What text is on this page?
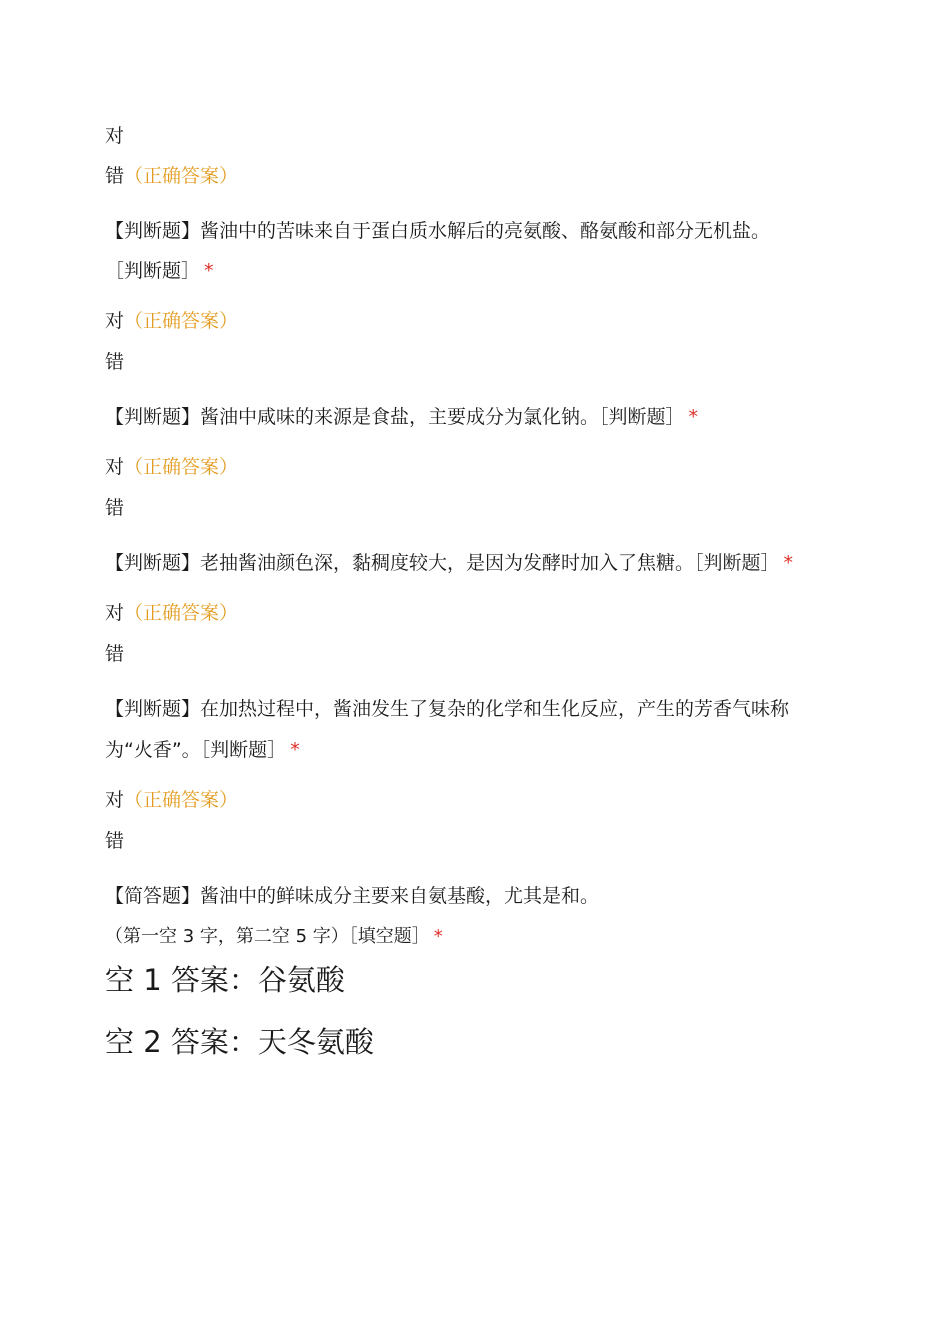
对
错（正确答案）
【判断题】酱油中的苦味来自于蛋白质水解后的亮氨酸、酪氨酸和部分无机盐。
［判断题］ *
对（正确答案）
错
【判断题】酱油中咸味的来源是食盐，主要成分为氯化钠。［判断题］ *
对（正确答案）
错
【判断题】老抽酱油颜色深，黏稠度较大，是因为发酵时加入了焦糖。［判断题］ *
对（正确答案）
错
【判断题】在加热过程中，酱油发生了复杂的化学和生化反应，产生的芳香气味称
为“火香”。［判断题］ *
对（正确答案）
错
【简答题】酱油中的鲜味成分主要来自氨基酸，尤其是和。
（第一空 3 字，第二空 5 字）［填空题］ *
空 1 答案：谷氨酸
空 2 答案：天冬氨酸
